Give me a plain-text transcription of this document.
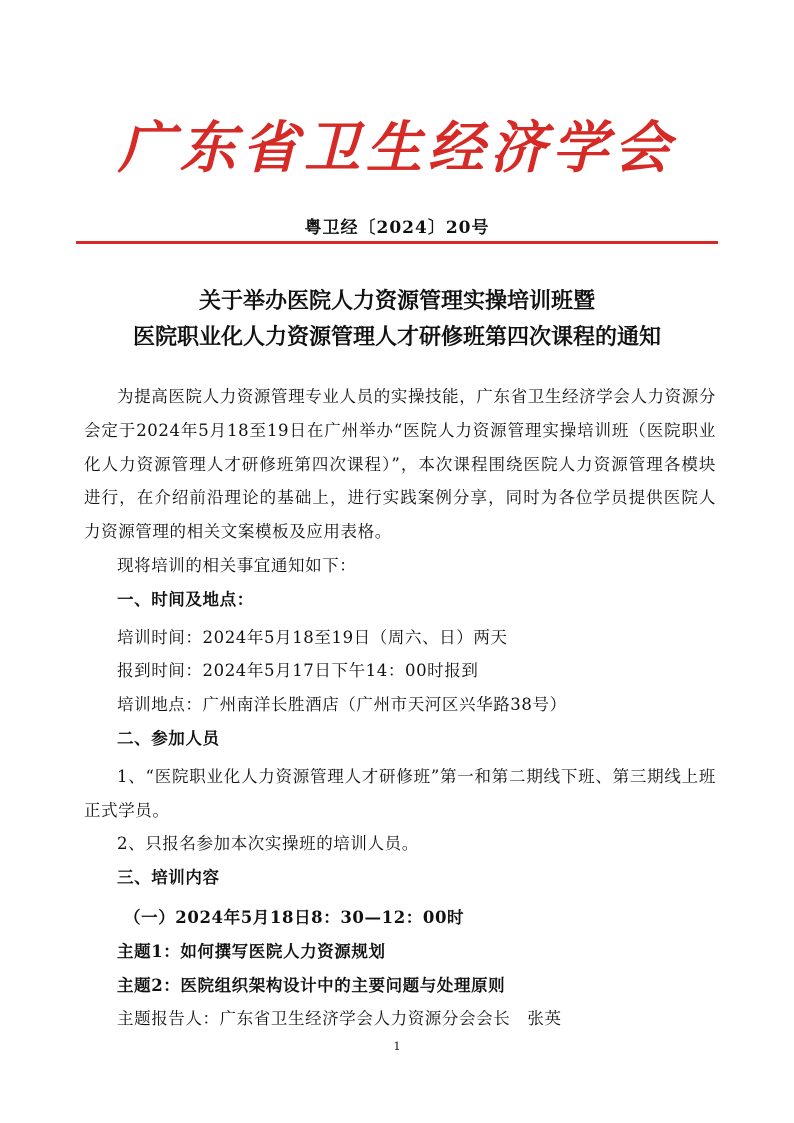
广东省卫生经济学会
粤卫经〔2024〕20号
关于举办医院人力资源管理实操培训班暨
医院职业化人力资源管理人才研修班第四次课程的通知

为提高医院人力资源管理专业人员的实操技能，广东省卫生经济学会人力资源分会定于2024年5月18至19日在广州举办“医院人力资源管理实操培训班（医院职业化人力资源管理人才研修班第四次课程）”，本次课程围绕医院人力资源管理各模块进行，在介绍前沿理论的基础上，进行实践案例分享，同时为各位学员提供医院人力资源管理的相关文案模板及应用表格。

现将培训的相关事宜通知如下：

一、时间及地点：

培训时间：2024年5月18至19日（周六、日）两天

报到时间：2024年5月17日下午14：00时报到

培训地点：广州南洋长胜酒店（广州市天河区兴华路38号）

二、参加人员

1、“医院职业化人力资源管理人才研修班”第一和第二期线下班、第三期线上班正式学员。

2、只报名参加本次实操班的培训人员。

三、培训内容

（一）2024年5月18日8：30—12：00时

主题1：如何撰写医院人力资源规划

主题2：医院组织架构设计中的主要问题与处理原则

主题报告人：广东省卫生经济学会人力资源分会会长　张英

1
